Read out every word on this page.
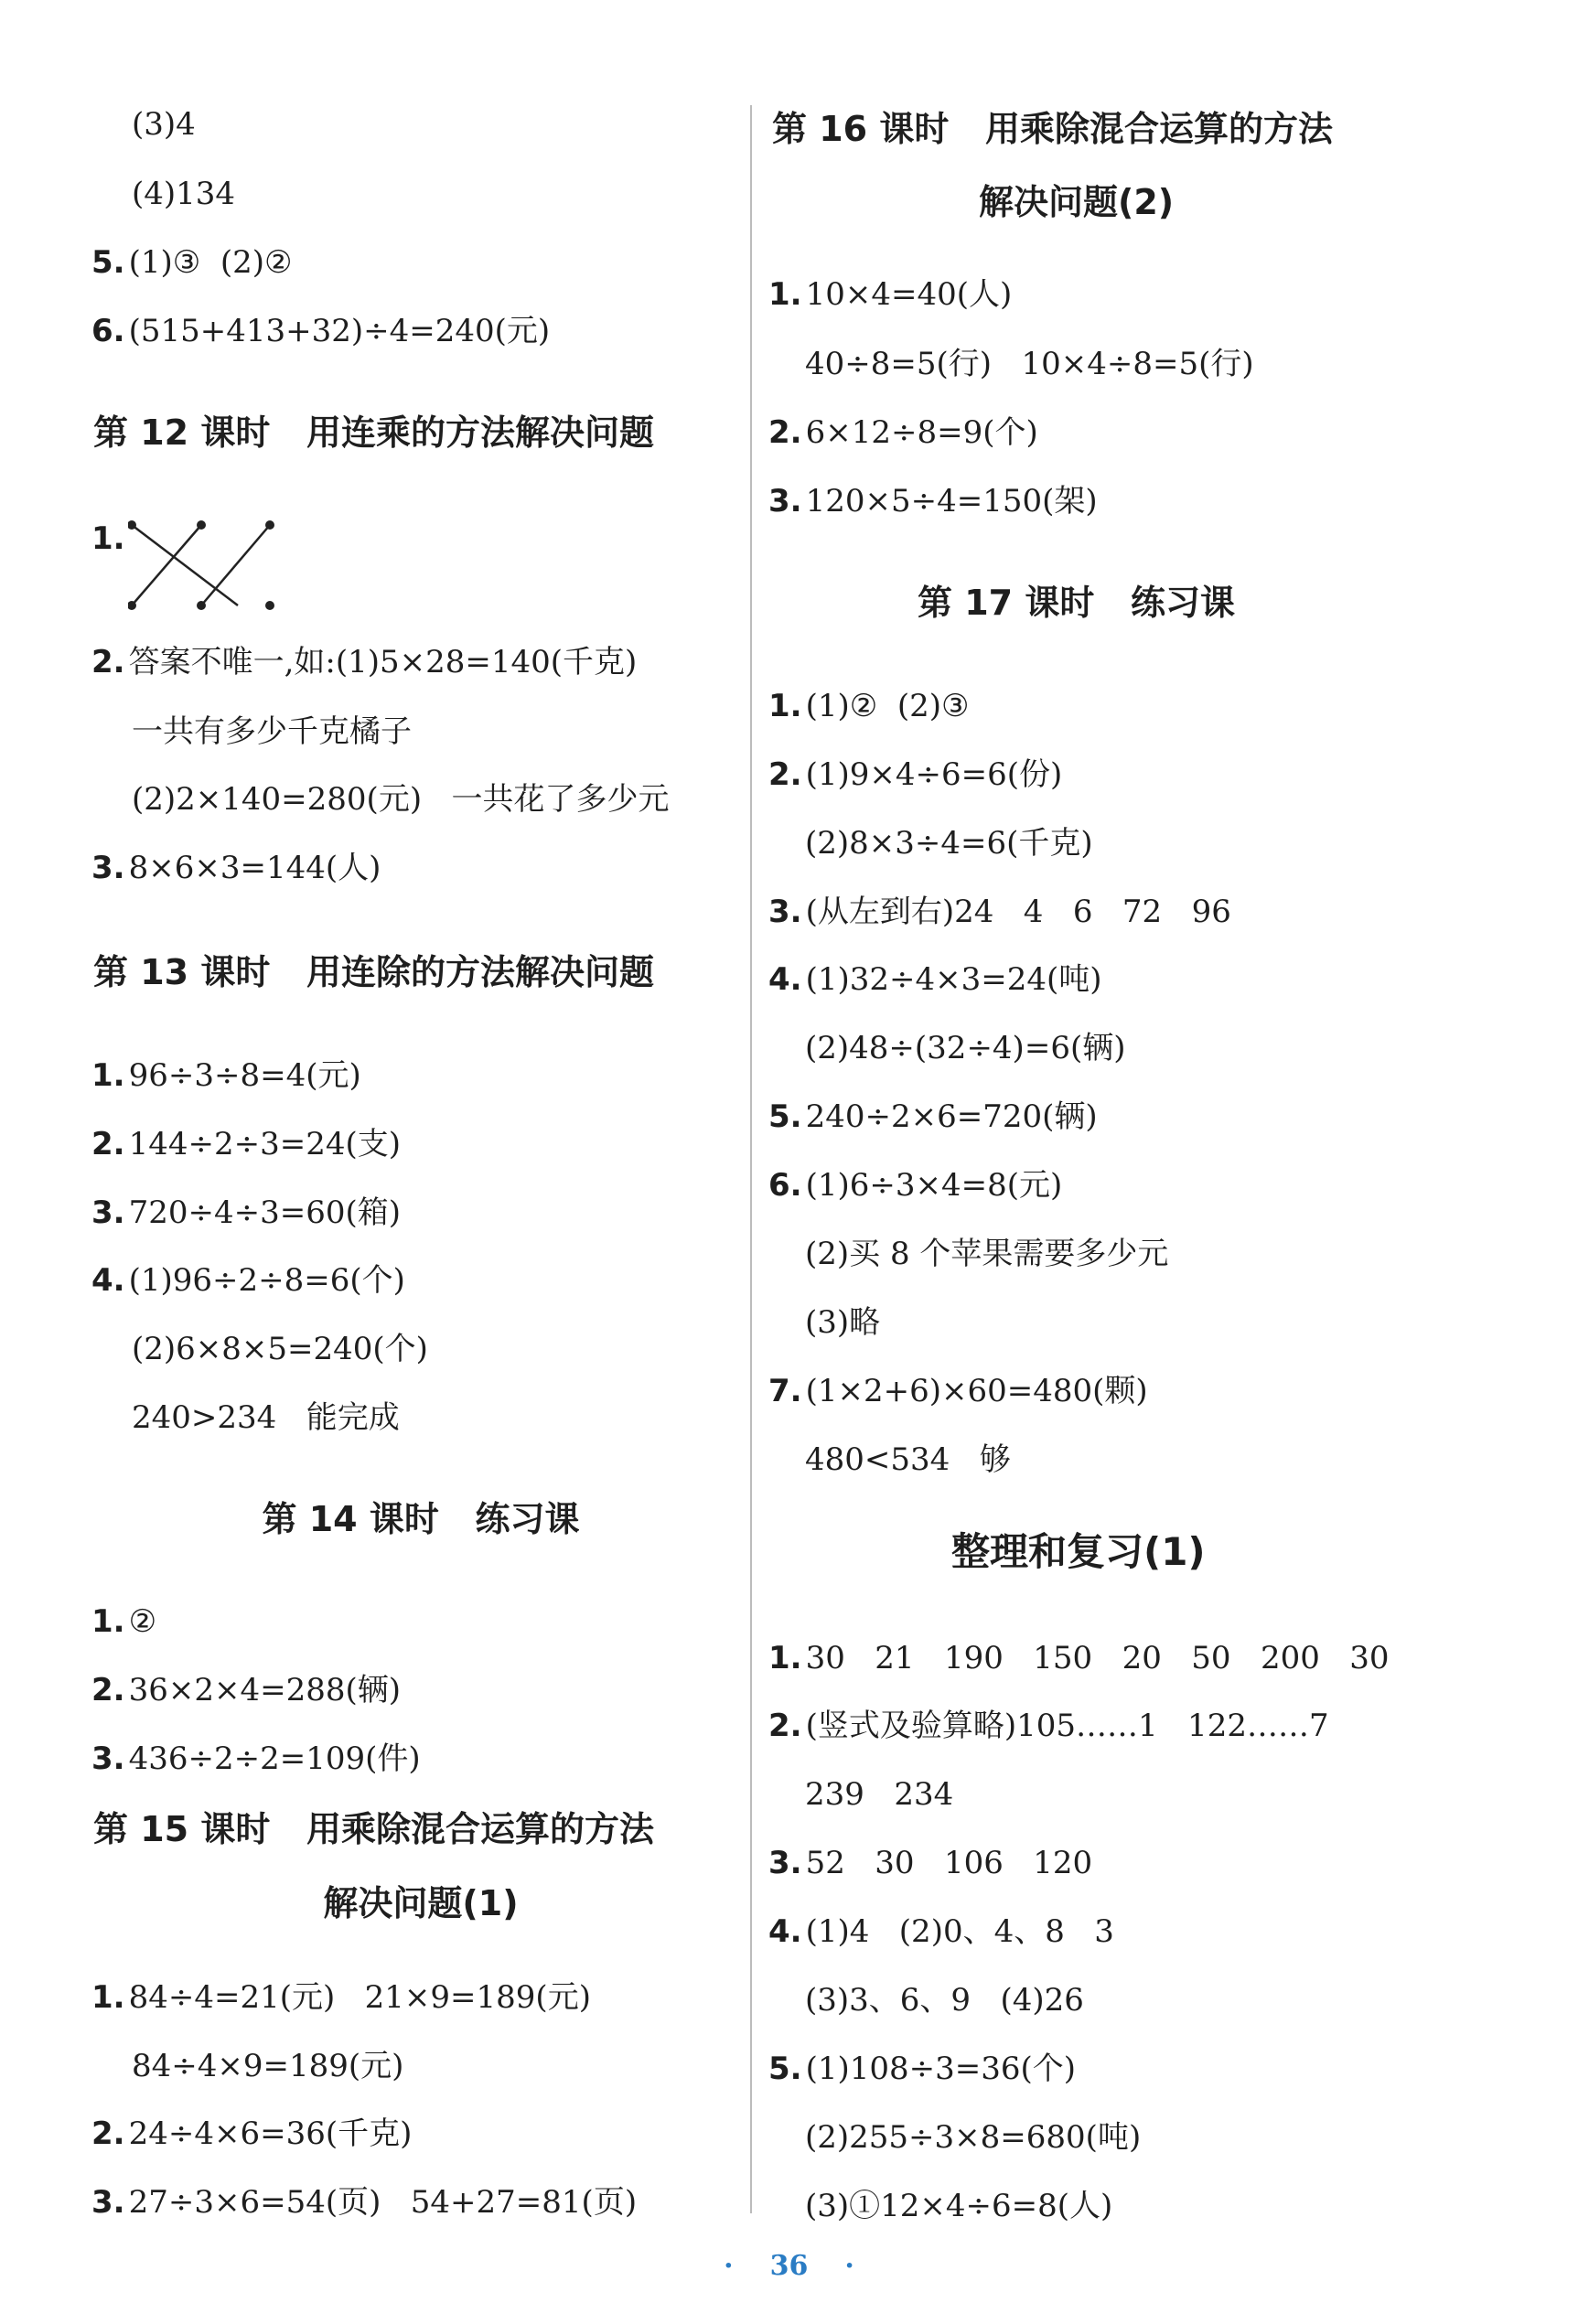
(3)4
(4)134
5. (1)③  (2)②
6. (515+413+32)÷4=240(元)
第 12 课时   用连乘的方法解决问题
1.
2. 答案不唯一,如:(1)5×28=140(千克)
一共有多少千克橘子
(2)2×140=280(元)   一共花了多少元
3. 8×6×3=144(人)
第 13 课时   用连除的方法解决问题
1. 96÷3÷8=4(元)
2. 144÷2÷3=24(支)
3. 720÷4÷3=60(箱)
4. (1)96÷2÷8=6(个)
(2)6×8×5=240(个)
240>234   能完成
第 14 课时   练习课
1. ②
2. 36×2×4=288(辆)
3. 436÷2÷2=109(件)
第 15 课时   用乘除混合运算的方法
解决问题(1)
1. 84÷4=21(元)   21×9=189(元)
84÷4×9=189(元)
2. 24÷4×6=36(千克)
3. 27÷3×6=54(页)   54+27=81(页)
第 16 课时   用乘除混合运算的方法
解决问题(2)
1. 10×4=40(人)
40÷8=5(行)   10×4÷8=5(行)
2. 6×12÷8=9(个)
3. 120×5÷4=150(架)
第 17 课时   练习课
1. (1)②  (2)③
2. (1)9×4÷6=6(份)
(2)8×3÷4=6(千克)
3. (从左到右)24   4   6   72   96
4. (1)32÷4×3=24(吨)
(2)48÷(32÷4)=6(辆)
5. 240÷2×6=720(辆)
6. (1)6÷3×4=8(元)
(2)买 8 个苹果需要多少元
(3)略
7. (1×2+6)×60=480(颗)
480<534   够
整理和复习(1)
1. 30   21   190   150   20   50   200   30
2. (竖式及验算略)105……1   122……7
239   234
3. 52   30   106   120
4. (1)4   (2)0、4、8   3
(3)3、6、9   (4)26
5. (1)108÷3=36(个)
(2)255÷3×8=680(吨)
(3)①12×4÷6=8(人)
· 36 ·
